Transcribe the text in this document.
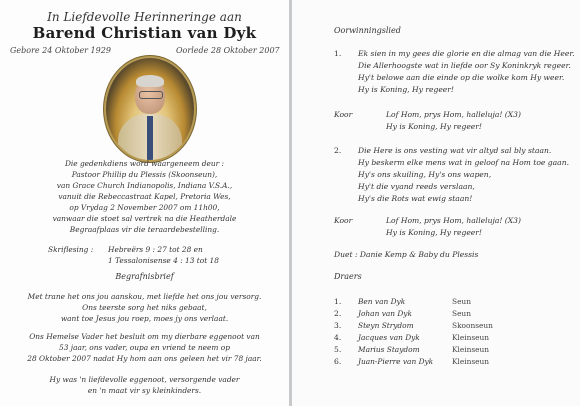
In Liefdevolle Herinneringe aan
Barend Christian van Dyk
Gebore 24 Oktober 1929	Oorlede 28 Oktober 2007
Die gedenkdiens word waargeneem deur :
Pastoor Phillip du Plessis (Skoonseun),
van Grace Church Indianopolis, Indiana V.S.A.,
vanuit die Rebeccastraat Kapel, Pretoria Wes,
op Vrydag 2 November 2007 om 11h00,
vanwaar die stoet sal vertrek na die Heatherdale
Begraafplaas vir die teraardebestelling.
Skriflesing : Hebreërs 9 : 27 tot 28 en
1 Tessalonisense 4 : 13 tot 18
Begrafnisbrief
Met trane het ons jou aanskou, met liefde het ons jou versorg.
Ons teerste sorg het niks gebaat,
want toe Jesus jou roep, moes jy ons verlaat.
Ons Hemelse Vader het besluit om my dierbare eggenoot van
53 jaar, ons vader, oupa en vriend te neem op
28 Oktober 2007 nadat Hy hom aan ons geleen het vir 78 jaar.
Hy was 'n liefdevolle eggenoot, versorgende vader
en 'n maat vir sy kleinkinders.
Oorwinningslied
1. Ek sien in my gees die glorie en die almag van die Heer.
Die Allerhoogste wat in liefde oor Sy Koninkryk regeer.
Hy't belowe aan die einde op die wolke kom Hy weer.
Hy is Koning, Hy regeer!
Koor	Lof Hom, prys Hom, halleluja! (X3)
Hy is Koning, Hy regeer!
2. Die Here is ons vesting wat vir altyd sal bly staan.
Hy beskerm elke mens wat in geloof na Hom toe gaan.
Hy's ons skuiling, Hy's ons wapen,
Hy't die vyand reeds verslaan,
Hy's die Rots wat ewig staan!
Koor	Lof Hom, prys Hom, halleluja! (X3)
Hy is Koning, Hy regeer!
Duet : Danie Kemp & Baby du Plessis
Draers
1. Ben van Dyk	Seun
2. Johan van Dyk	Seun
3. Steyn Strydom	Skoonseun
4. Jacques van Dyk	Kleinseun
5. Marius Staydom	Kleinseun
6. Juan-Pierre van Dyk	Kleinseun
